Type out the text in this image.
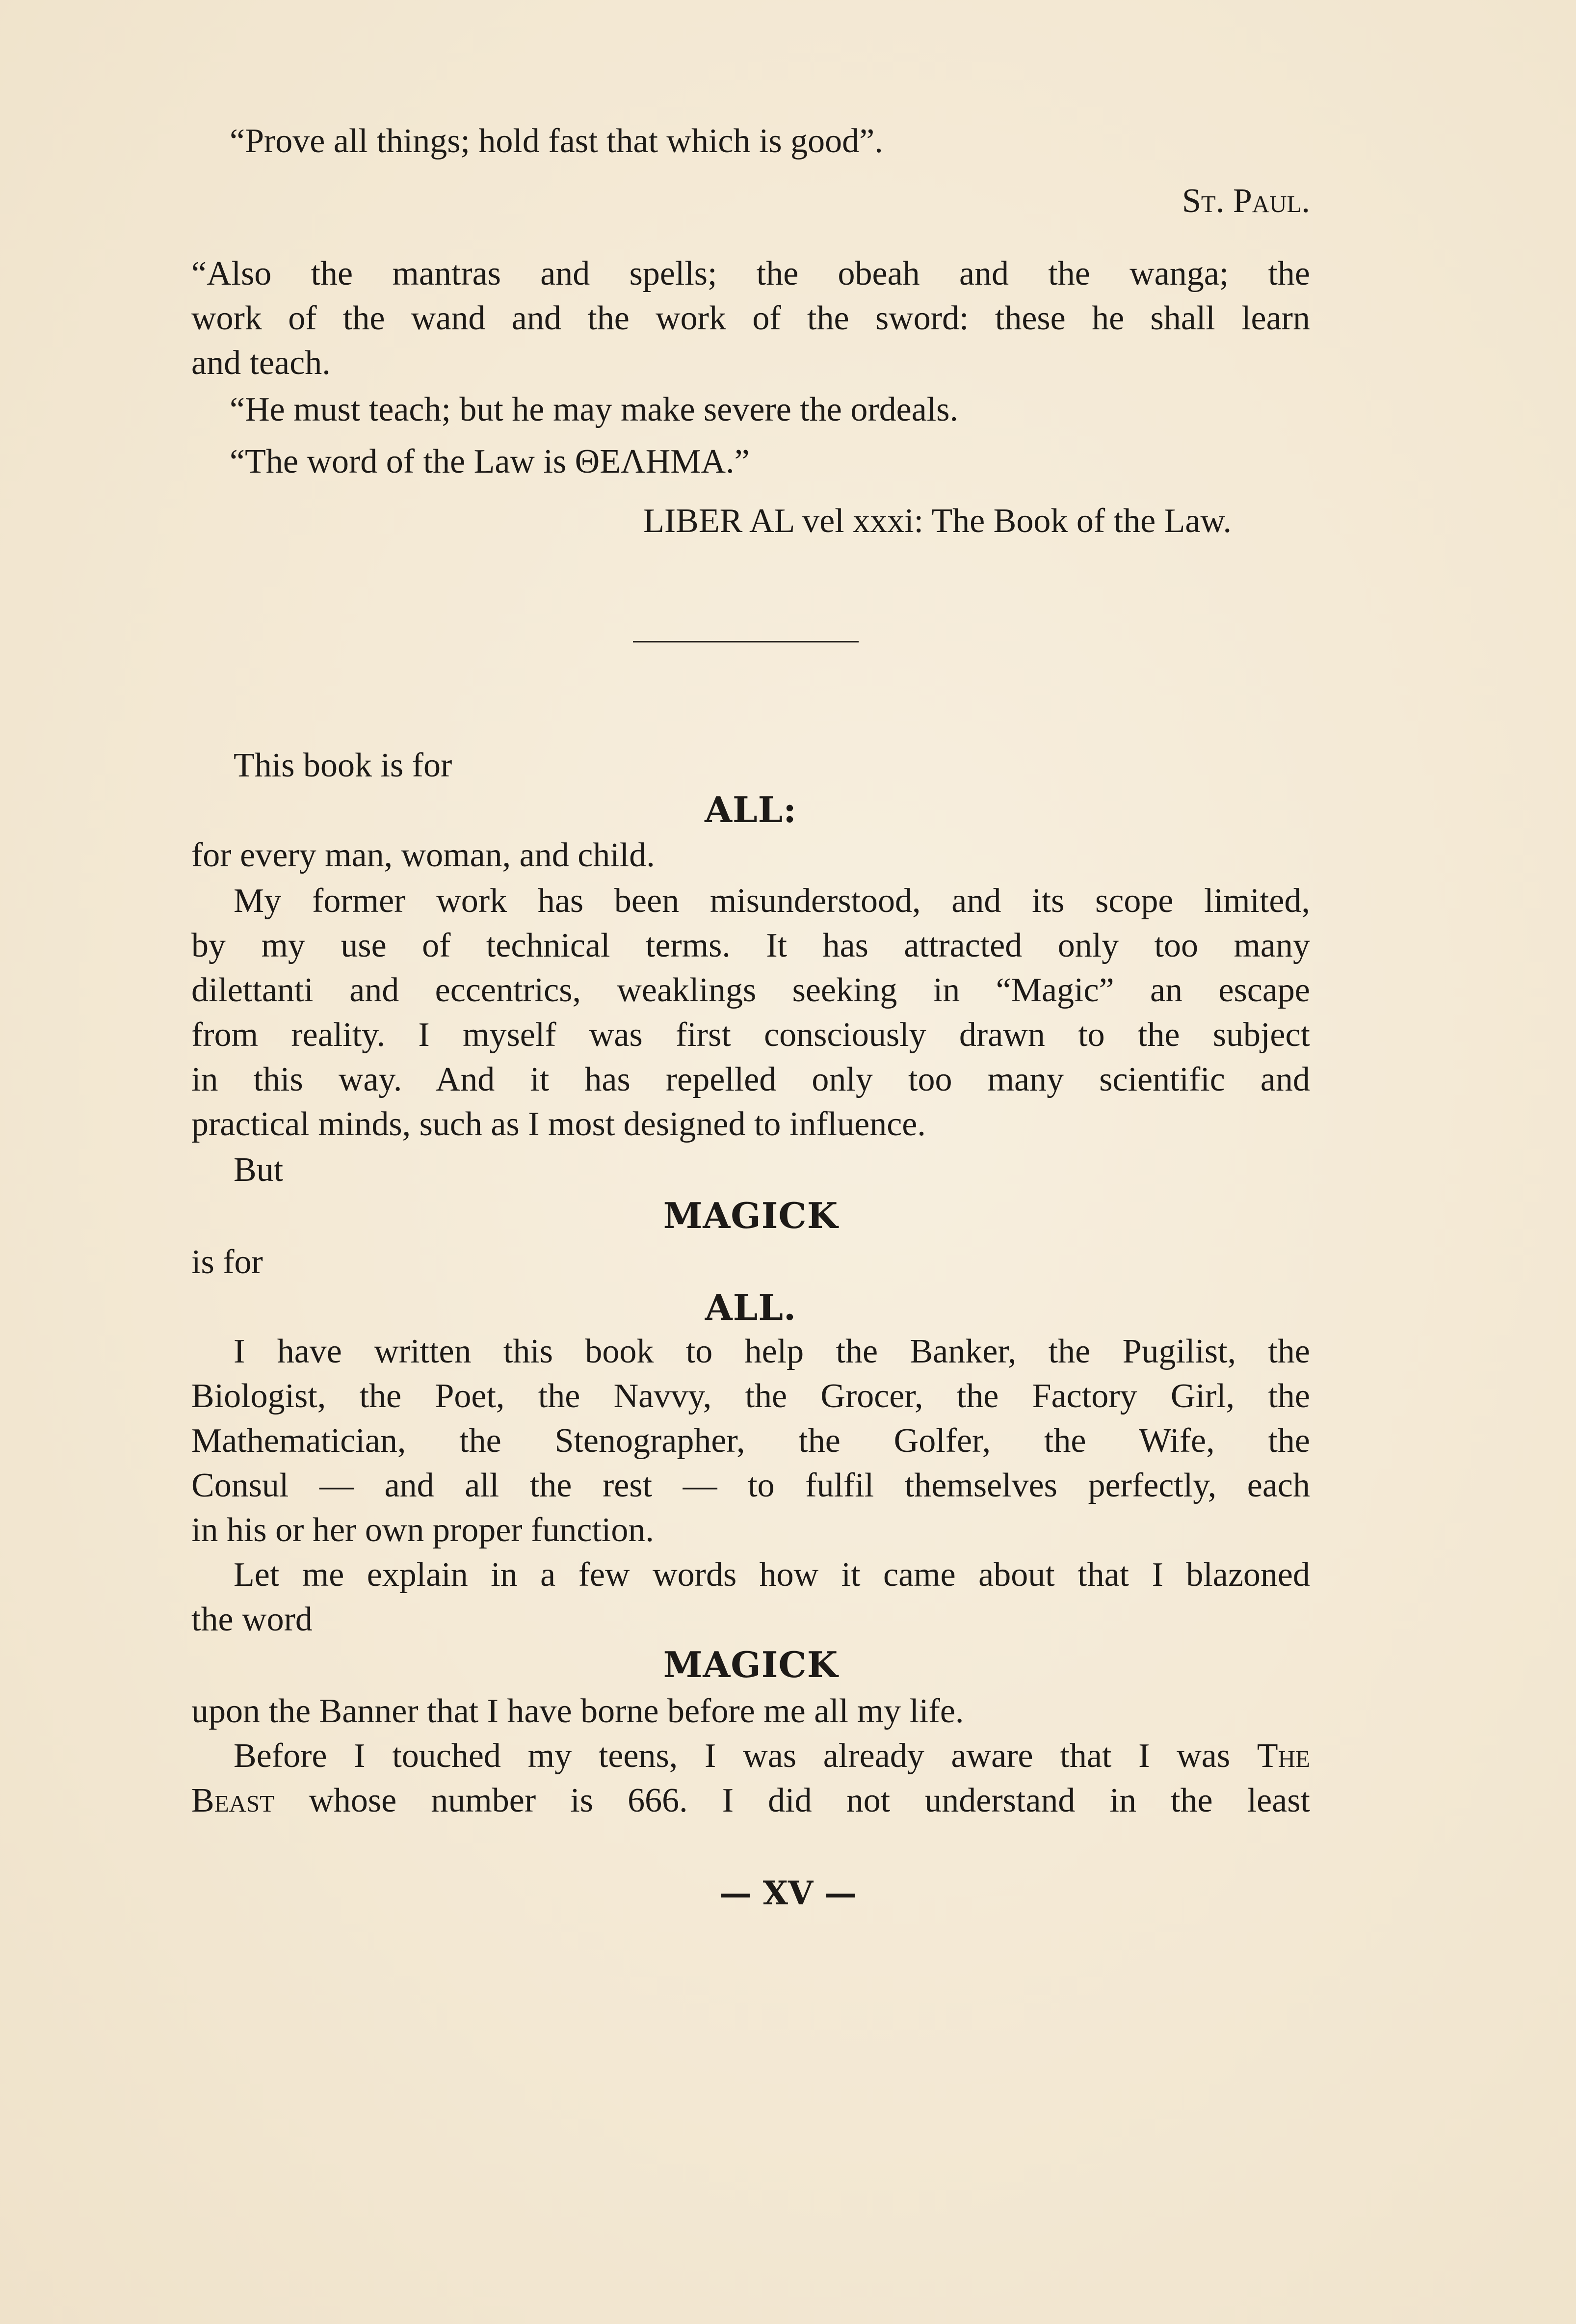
“Prove all things; hold fast that which is good”.
St. Paul.
“Also the mantras and spells; the obeah and the wanga; the
work of the wand and the work of the sword: these he shall learn
and teach.
“He must teach; but he may make severe the ordeals.
“The word of the Law is ΘΕΛΗΜΑ.”
LIBER AL vel xxxi: The Book of the Law.
This book is for
ALL:
for every man, woman, and child.
My former work has been misunderstood, and its scope limited,
by my use of technical terms. It has attracted only too many
dilettanti and eccentrics, weaklings seeking in “Magic” an escape
from reality. I myself was first consciously drawn to the subject
in this way. And it has repelled only too many scientific and
practical minds, such as I most designed to influence.
But
MAGICK
is for
ALL.
I have written this book to help the Banker, the Pugilist, the
Biologist, the Poet, the Navvy, the Grocer, the Factory Girl, the
Mathematician, the Stenographer, the Golfer, the Wife, the
Consul — and all the rest — to fulfil themselves perfectly, each
in his or her own proper function.
Let me explain in a few words how it came about that I blazoned
the word
MAGICK
upon the Banner that I have borne before me all my life.
Before I touched my teens, I was already aware that I was The
Beast whose number is 666. I did not understand in the least
— XV —
